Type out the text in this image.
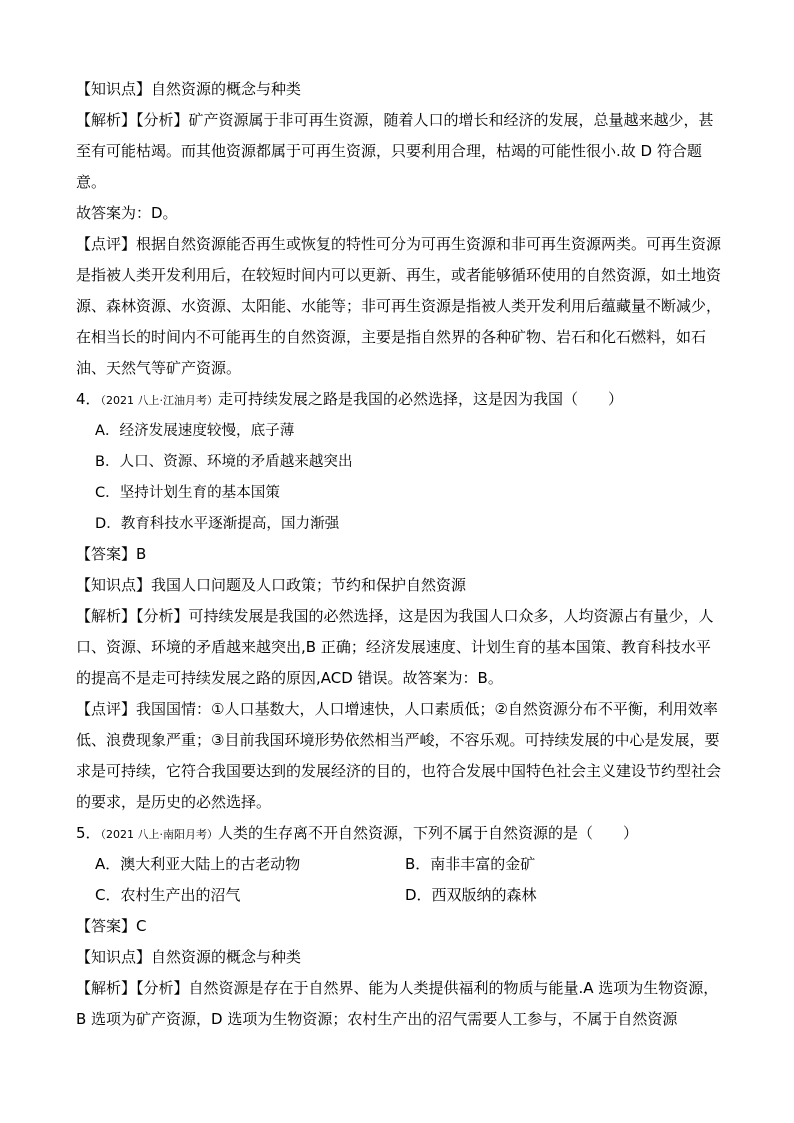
【知识点】自然资源的概念与种类
【解析】【分析】矿产资源属于非可再生资源，随着人口的增长和经济的发展，总量越来越少，甚
至有可能枯竭。而其他资源都属于可再生资源，只要利用合理，枯竭的可能性很小.故 D 符合题
意。
故答案为：D。
【点评】根据自然资源能否再生或恢复的特性可分为可再生资源和非可再生资源两类。可再生资源
是指被人类开发利用后，在较短时间内可以更新、再生，或者能够循环使用的自然资源，如土地资
源、森林资源、水资源、太阳能、水能等；非可再生资源是指被人类开发利用后蕴藏量不断减少，
在相当长的时间内不可能再生的自然资源，主要是指自然界的各种矿物、岩石和化石燃料，如石
油、天然气等矿产资源。
4．（2021 八上·江油月考）走可持续发展之路是我国的必然选择，这是因为我国（　　）
A．经济发展速度较慢，底子薄
B．人口、资源、环境的矛盾越来越突出
C．坚持计划生育的基本国策
D．教育科技水平逐渐提高，国力渐强
【答案】B
【知识点】我国人口问题及人口政策；节约和保护自然资源
【解析】【分析】可持续发展是我国的必然选择，这是因为我国人口众多，人均资源占有量少，人
口、资源、环境的矛盾越来越突出,B 正确；经济发展速度、计划生育的基本国策、教育科技水平
的提高不是走可持续发展之路的原因,ACD 错误。故答案为：B。
【点评】我国国情：①人口基数大，人口增速快，人口素质低；②自然资源分布不平衡，利用效率
低、浪费现象严重；③目前我国环境形势依然相当严峻，不容乐观。可持续发展的中心是发展，要
求是可持续，它符合我国要达到的发展经济的目的，也符合发展中国特色社会主义建设节约型社会
的要求，是历史的必然选择。
5．（2021 八上·南阳月考）人类的生存离不开自然资源，下列不属于自然资源的是（　　）
A．澳大利亚大陆上的古老动物	B．南非丰富的金矿
C．农村生产出的沼气	D．西双版纳的森林
【答案】C
【知识点】自然资源的概念与种类
【解析】【分析】自然资源是存在于自然界、能为人类提供福利的物质与能量.A 选项为生物资源，
B 选项为矿产资源，D 选项为生物资源；农村生产出的沼气需要人工参与，不属于自然资源
